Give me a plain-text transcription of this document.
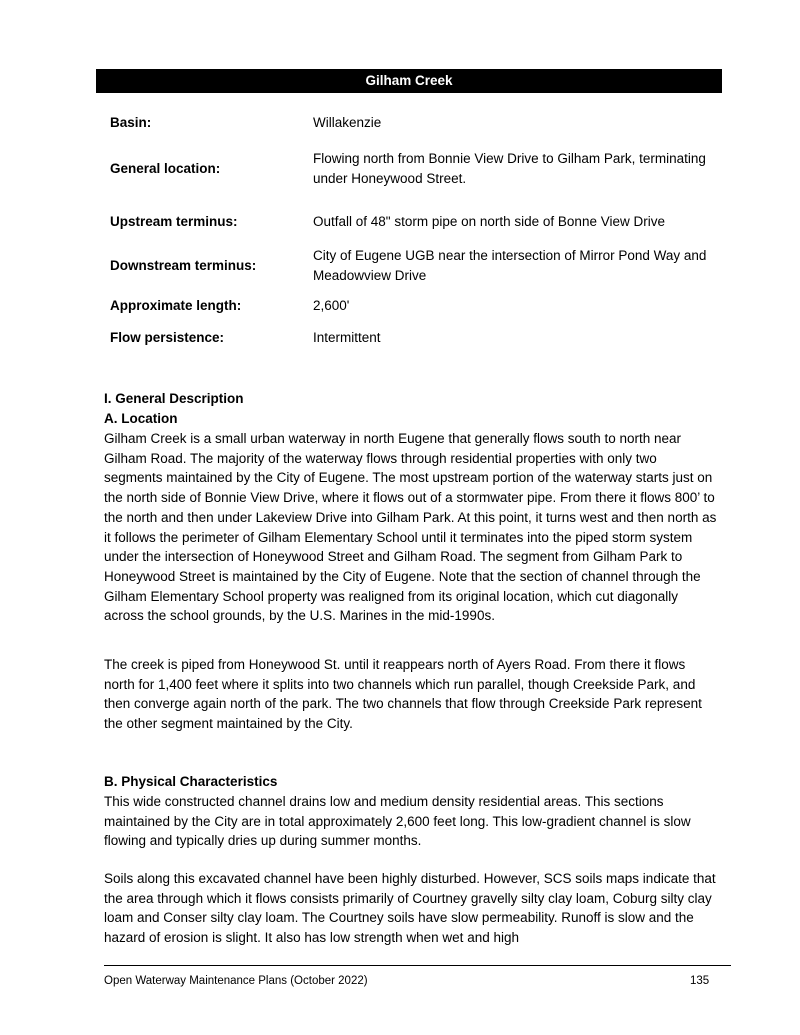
Gilham Creek
Basin:	Willakenzie
General location:
Flowing north from Bonnie View Drive to Gilham Park, terminating under Honeywood Street.
Upstream terminus:	Outfall of 48" storm pipe on north side of Bonne View Drive
Downstream terminus:
City of Eugene UGB near the intersection of Mirror Pond Way and Meadowview Drive
Approximate length:	2,600'
Flow persistence:	Intermittent
I. General Description
A. Location
Gilham Creek is a small urban waterway in north Eugene that generally flows south to north near Gilham Road. The majority of the waterway flows through residential properties with only two segments maintained by the City of Eugene. The most upstream portion of the waterway starts just on the north side of Bonnie View Drive, where it flows out of a stormwater pipe. From there it flows 800’ to the north and then under Lakeview Drive into Gilham Park. At this point, it turns west and then north as it follows the perimeter of Gilham Elementary School until it terminates into the piped storm system under the intersection of Honeywood Street and Gilham Road. The segment from Gilham Park to Honeywood Street is maintained by the City of Eugene. Note that the section of channel through the Gilham Elementary School property was realigned from its original location, which cut diagonally across the school grounds, by the U.S. Marines in the mid-1990s.
The creek is piped from Honeywood St. until it reappears north of Ayers Road. From there it flows north for 1,400 feet where it splits into two channels which run parallel, though Creekside Park, and then converge again north of the park. The two channels that flow through Creekside Park represent the other segment maintained by the City.
B. Physical Characteristics
This wide constructed channel drains low and medium density residential areas. This sections maintained by the City are in total approximately 2,600 feet long. This low-gradient channel is slow flowing and typically dries up during summer months.
Soils along this excavated channel have been highly disturbed. However, SCS soils maps indicate that the area through which it flows consists primarily of Courtney gravelly silty clay loam, Coburg silty clay loam and Conser silty clay loam. The Courtney soils have slow permeability. Runoff is slow and the hazard of erosion is slight. It also has low strength when wet and high
Open Waterway Maintenance Plans (October 2022)	135
